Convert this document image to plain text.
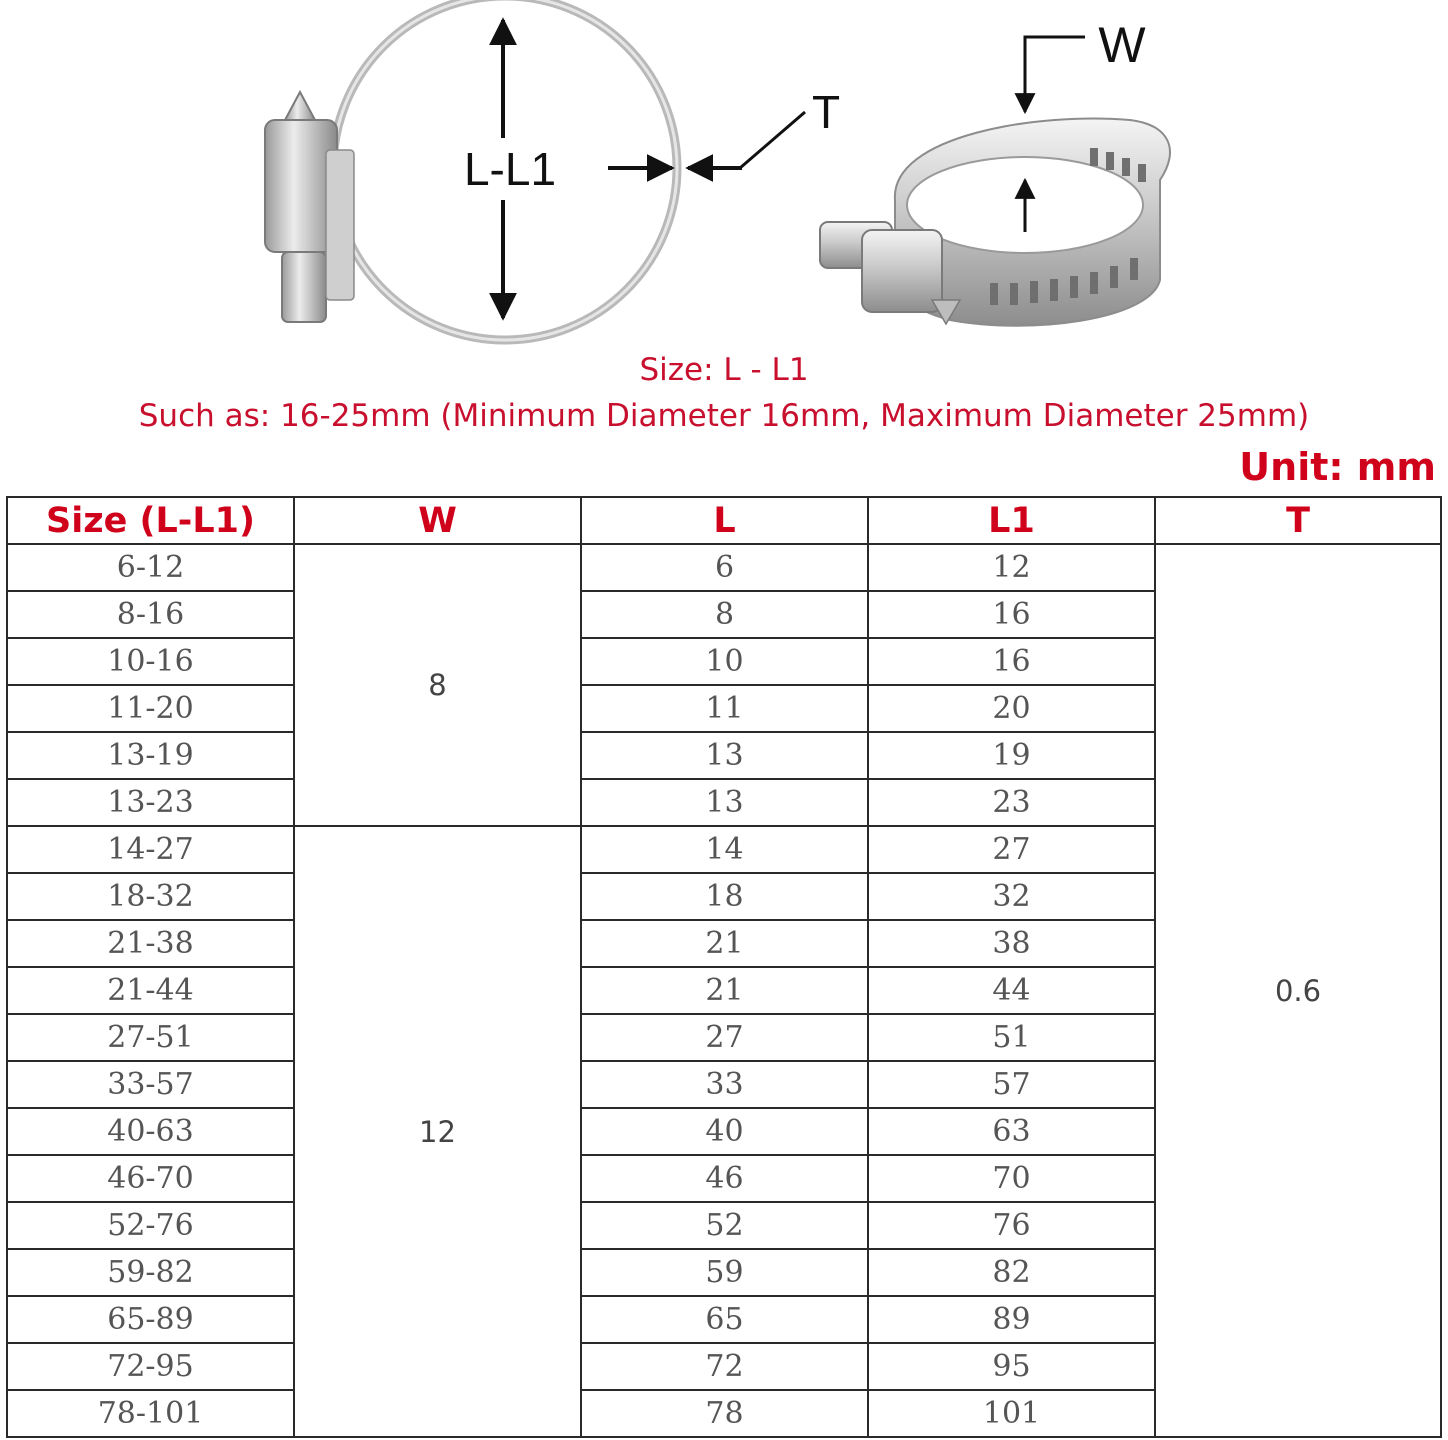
L-L1
T
W
Size: L - L1
Such as: 16-25mm (Minimum Diameter 16mm, Maximum Diameter 25mm)
Unit: mm
Size (L-L1)	W	L	L1	T
6-12	8	6	12	0.6
8-16		8	16	
10-16		10	16	
11-20		11	20	
13-19		13	19	
13-23		13	23	
14-27	12	14	27	
18-32		18	32	
21-38		21	38	
21-44		21	44	
27-51		27	51	
33-57		33	57	
40-63		40	63	
46-70		46	70	
52-76		52	76	
59-82		59	82	
65-89		65	89	
72-95		72	95	
78-101		78	101	
